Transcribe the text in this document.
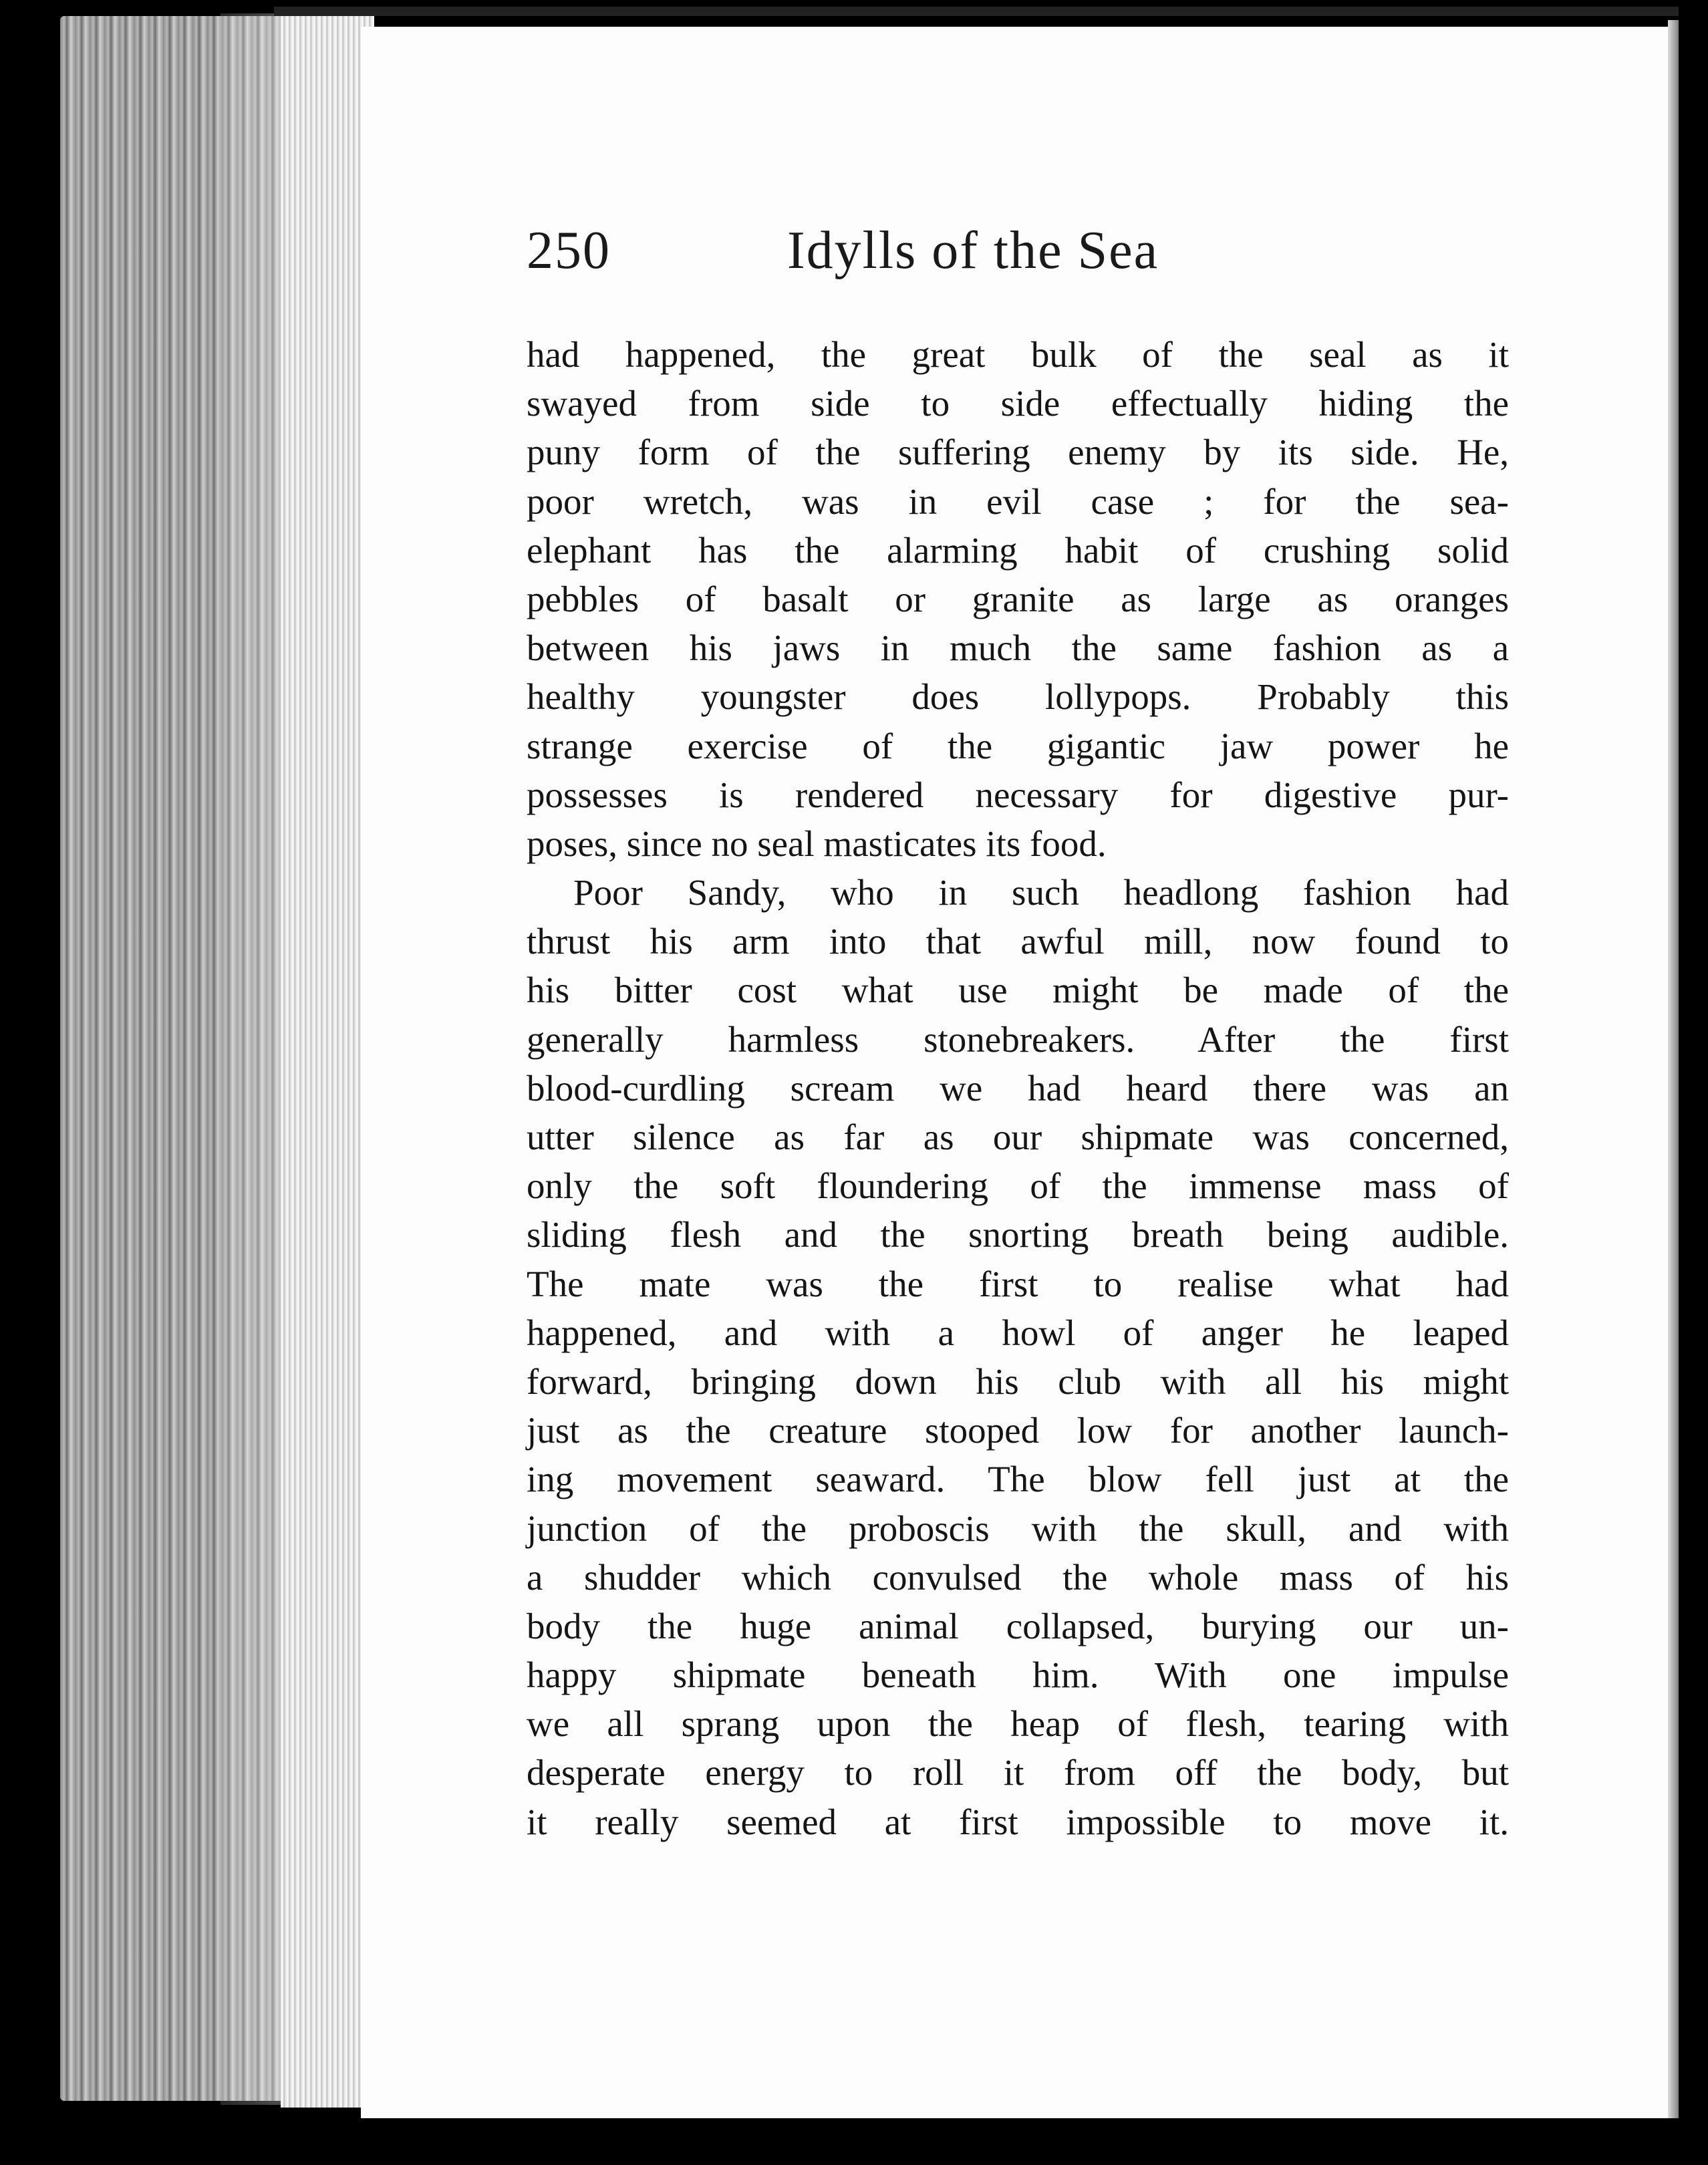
250	Idylls of the Sea
had happened, the great bulk of the seal as it
swayed from side to side effectually hiding the
puny form of the suffering enemy by its side. He,
poor wretch, was in evil case ; for the sea-
elephant has the alarming habit of crushing solid
pebbles of basalt or granite as large as oranges
between his jaws in much the same fashion as a
healthy youngster does lollypops. Probably this
strange exercise of the gigantic jaw power he
possesses is rendered necessary for digestive pur-
poses, since no seal masticates its food.
Poor Sandy, who in such headlong fashion had
thrust his arm into that awful mill, now found to
his bitter cost what use might be made of the
generally harmless stonebreakers. After the first
blood-curdling scream we had heard there was an
utter silence as far as our shipmate was concerned,
only the soft floundering of the immense mass of
sliding flesh and the snorting breath being audible.
The mate was the first to realise what had
happened, and with a howl of anger he leaped
forward, bringing down his club with all his might
just as the creature stooped low for another launch-
ing movement seaward. The blow fell just at the
junction of the proboscis with the skull, and with
a shudder which convulsed the whole mass of his
body the huge animal collapsed, burying our un-
happy shipmate beneath him. With one impulse
we all sprang upon the heap of flesh, tearing with
desperate energy to roll it from off the body, but
it really seemed at first impossible to move it.
